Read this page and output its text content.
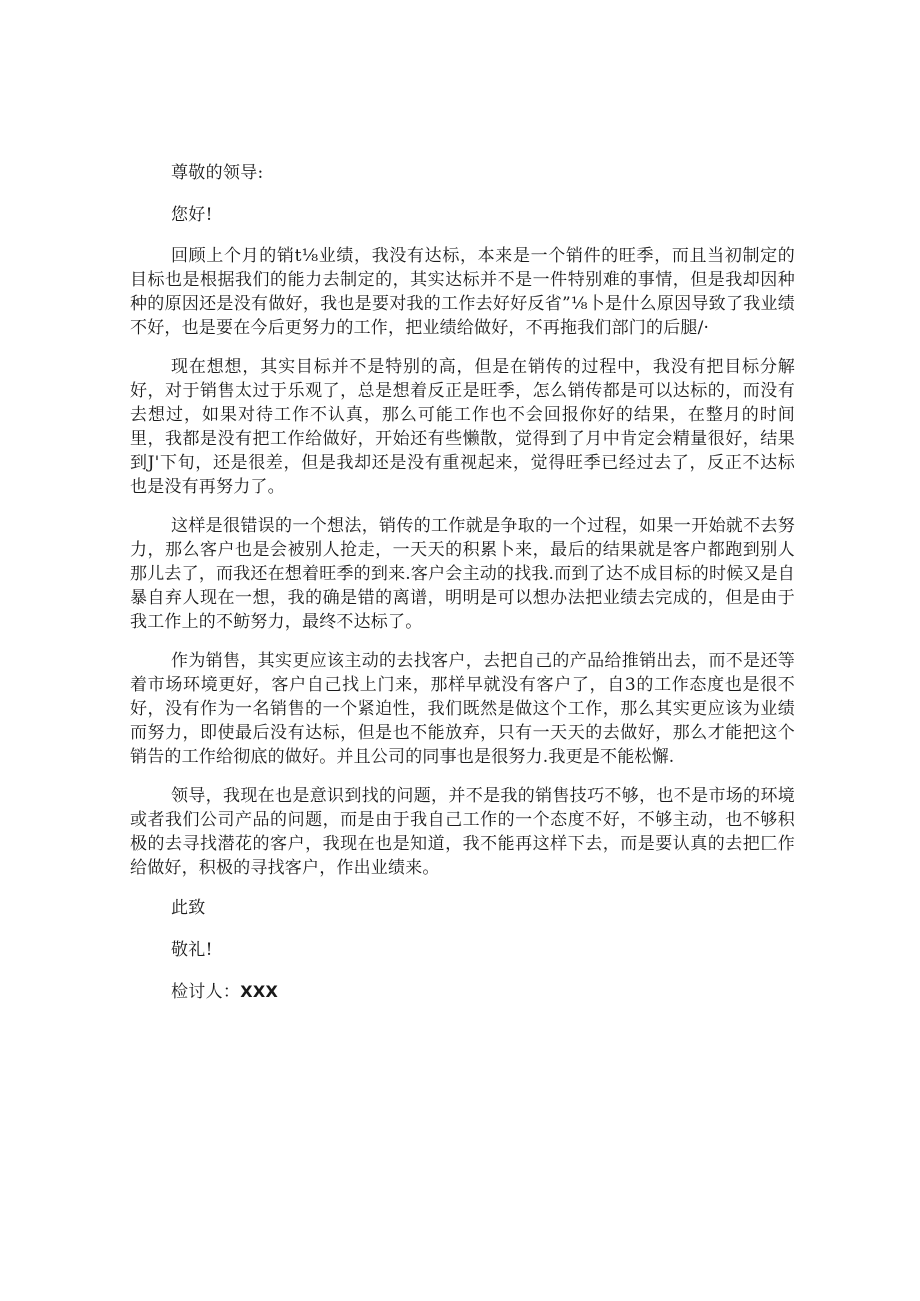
尊敬的领导:

您好!

回顾上个月的销t⅛业绩，我没有达标，本来是一个销件的旺季，而且当初制定的目标也是根据我们的能力去制定的，其实达标并不是一件特别难的事情，但是我却因种种的原因还是没有做好，我也是要对我的工作去好好反省”⅛卜是什么原因导致了我业绩不好，也是要在今后更努力的工作，把业绩给做好，不再拖我们部门的后腿/·

现在想想，其实目标并不是特别的高，但是在销传的过程中，我没有把目标分解好，对于销售太过于乐观了，总是想着反正是旺季，怎么销传都是可以达标的，而没有去想过，如果对待工作不认真，那么可能工作也不会回报你好的结果，在整月的时间里，我都是没有把工作给做好，开始还有些懒散，觉得到了月中肯定会精量很好，结果到J'下旬，还是很差，但是我却还是没有重视起来，觉得旺季已经过去了，反正不达标也是没有再努力了。

这样是很错误的一个想法，销传的工作就是争取的一个过程，如果一开始就不去努力，那么客户也是会被别人抢走，一天天的积累卜来，最后的结果就是客户都跑到别人那儿去了，而我还在想着旺季的到来.客户会主动的找我.而到了达不成目标的时候又是自暴自弃人现在一想，我的确是错的离谱，明明是可以想办法把业绩去完成的，但是由于我工作上的不鲂努力，最终不达标了。

作为销售，其实更应该主动的去找客户，去把自己的产品给推销出去，而不是还等着市场环境更好，客户自己找上门来，那样早就没有客户了，自3的工作态度也是很不好，没有作为一名销售的一个紧迫性，我们既然是做这个工作，那么其实更应该为业绩而努力，即使最后没有达标，但是也不能放弃，只有一天天的去做好，那么才能把这个销告的工作给彻底的做好。并且公司的同事也是很努力.我更是不能松懈.

领导，我现在也是意识到找的问题，并不是我的销售技巧不够，也不是市场的环境或者我们公司产品的问题，而是由于我自己工作的一个态度不好，不够主动，也不够积极的去寻找潜花的客户，我现在也是知道，我不能再这样下去，而是要认真的去把匚作给做好，积极的寻找客户，作出业绩来。

此致

敬礼!

检讨人：XXX
